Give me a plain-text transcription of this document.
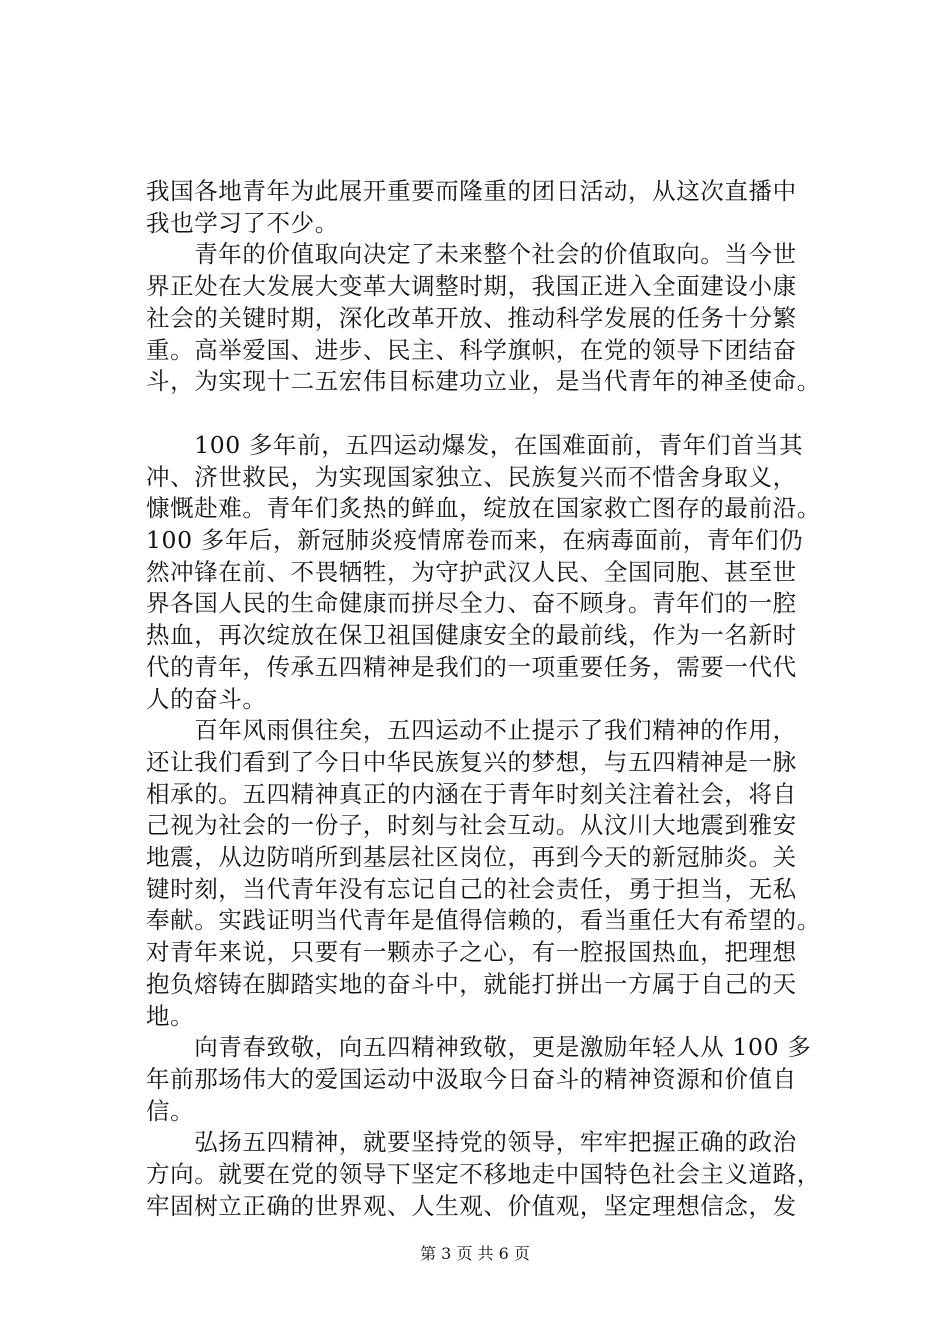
我国各地青年为此展开重要而隆重的团日活动，从这次直播中
我也学习了不少。

　　青年的价值取向决定了未来整个社会的价值取向。当今世
界正处在大发展大变革大调整时期，我国正进入全面建设小康
社会的关键时期，深化改革开放、推动科学发展的任务十分繁
重。高举爱国、进步、民主、科学旗帜，在党的领导下团结奋
斗，为实现十二五宏伟目标建功立业，是当代青年的神圣使命。

　　100 多年前，五四运动爆发，在国难面前，青年们首当其
冲、济世救民，为实现国家独立、民族复兴而不惜舍身取义，
慷慨赴难。青年们炙热的鲜血，绽放在国家救亡图存的最前沿。
100 多年后，新冠肺炎疫情席卷而来，在病毒面前，青年们仍
然冲锋在前、不畏牺牲，为守护武汉人民、全国同胞、甚至世
界各国人民的生命健康而拼尽全力、奋不顾身。青年们的一腔
热血，再次绽放在保卫祖国健康安全的最前线，作为一名新时
代的青年，传承五四精神是我们的一项重要任务，需要一代代
人的奋斗。

　　百年风雨俱往矣，五四运动不止提示了我们精神的作用，
还让我们看到了今日中华民族复兴的梦想，与五四精神是一脉
相承的。五四精神真正的内涵在于青年时刻关注着社会，将自
己视为社会的一份子，时刻与社会互动。从汶川大地震到雅安
地震，从边防哨所到基层社区岗位，再到今天的新冠肺炎。关
键时刻，当代青年没有忘记自己的社会责任，勇于担当，无私
奉献。实践证明当代青年是值得信赖的，看当重任大有希望的。
对青年来说，只要有一颗赤子之心，有一腔报国热血，把理想
抱负熔铸在脚踏实地的奋斗中，就能打拼出一方属于自己的天
地。

　　向青春致敬，向五四精神致敬，更是激励年轻人从 100 多
年前那场伟大的爱国运动中汲取今日奋斗的精神资源和价值自
信。

　　弘扬五四精神，就要坚持党的领导，牢牢把握正确的政治
方向。就要在党的领导下坚定不移地走中国特色社会主义道路，
牢固树立正确的世界观、人生观、价值观，坚定理想信念，发

第 3 页 共 6 页
